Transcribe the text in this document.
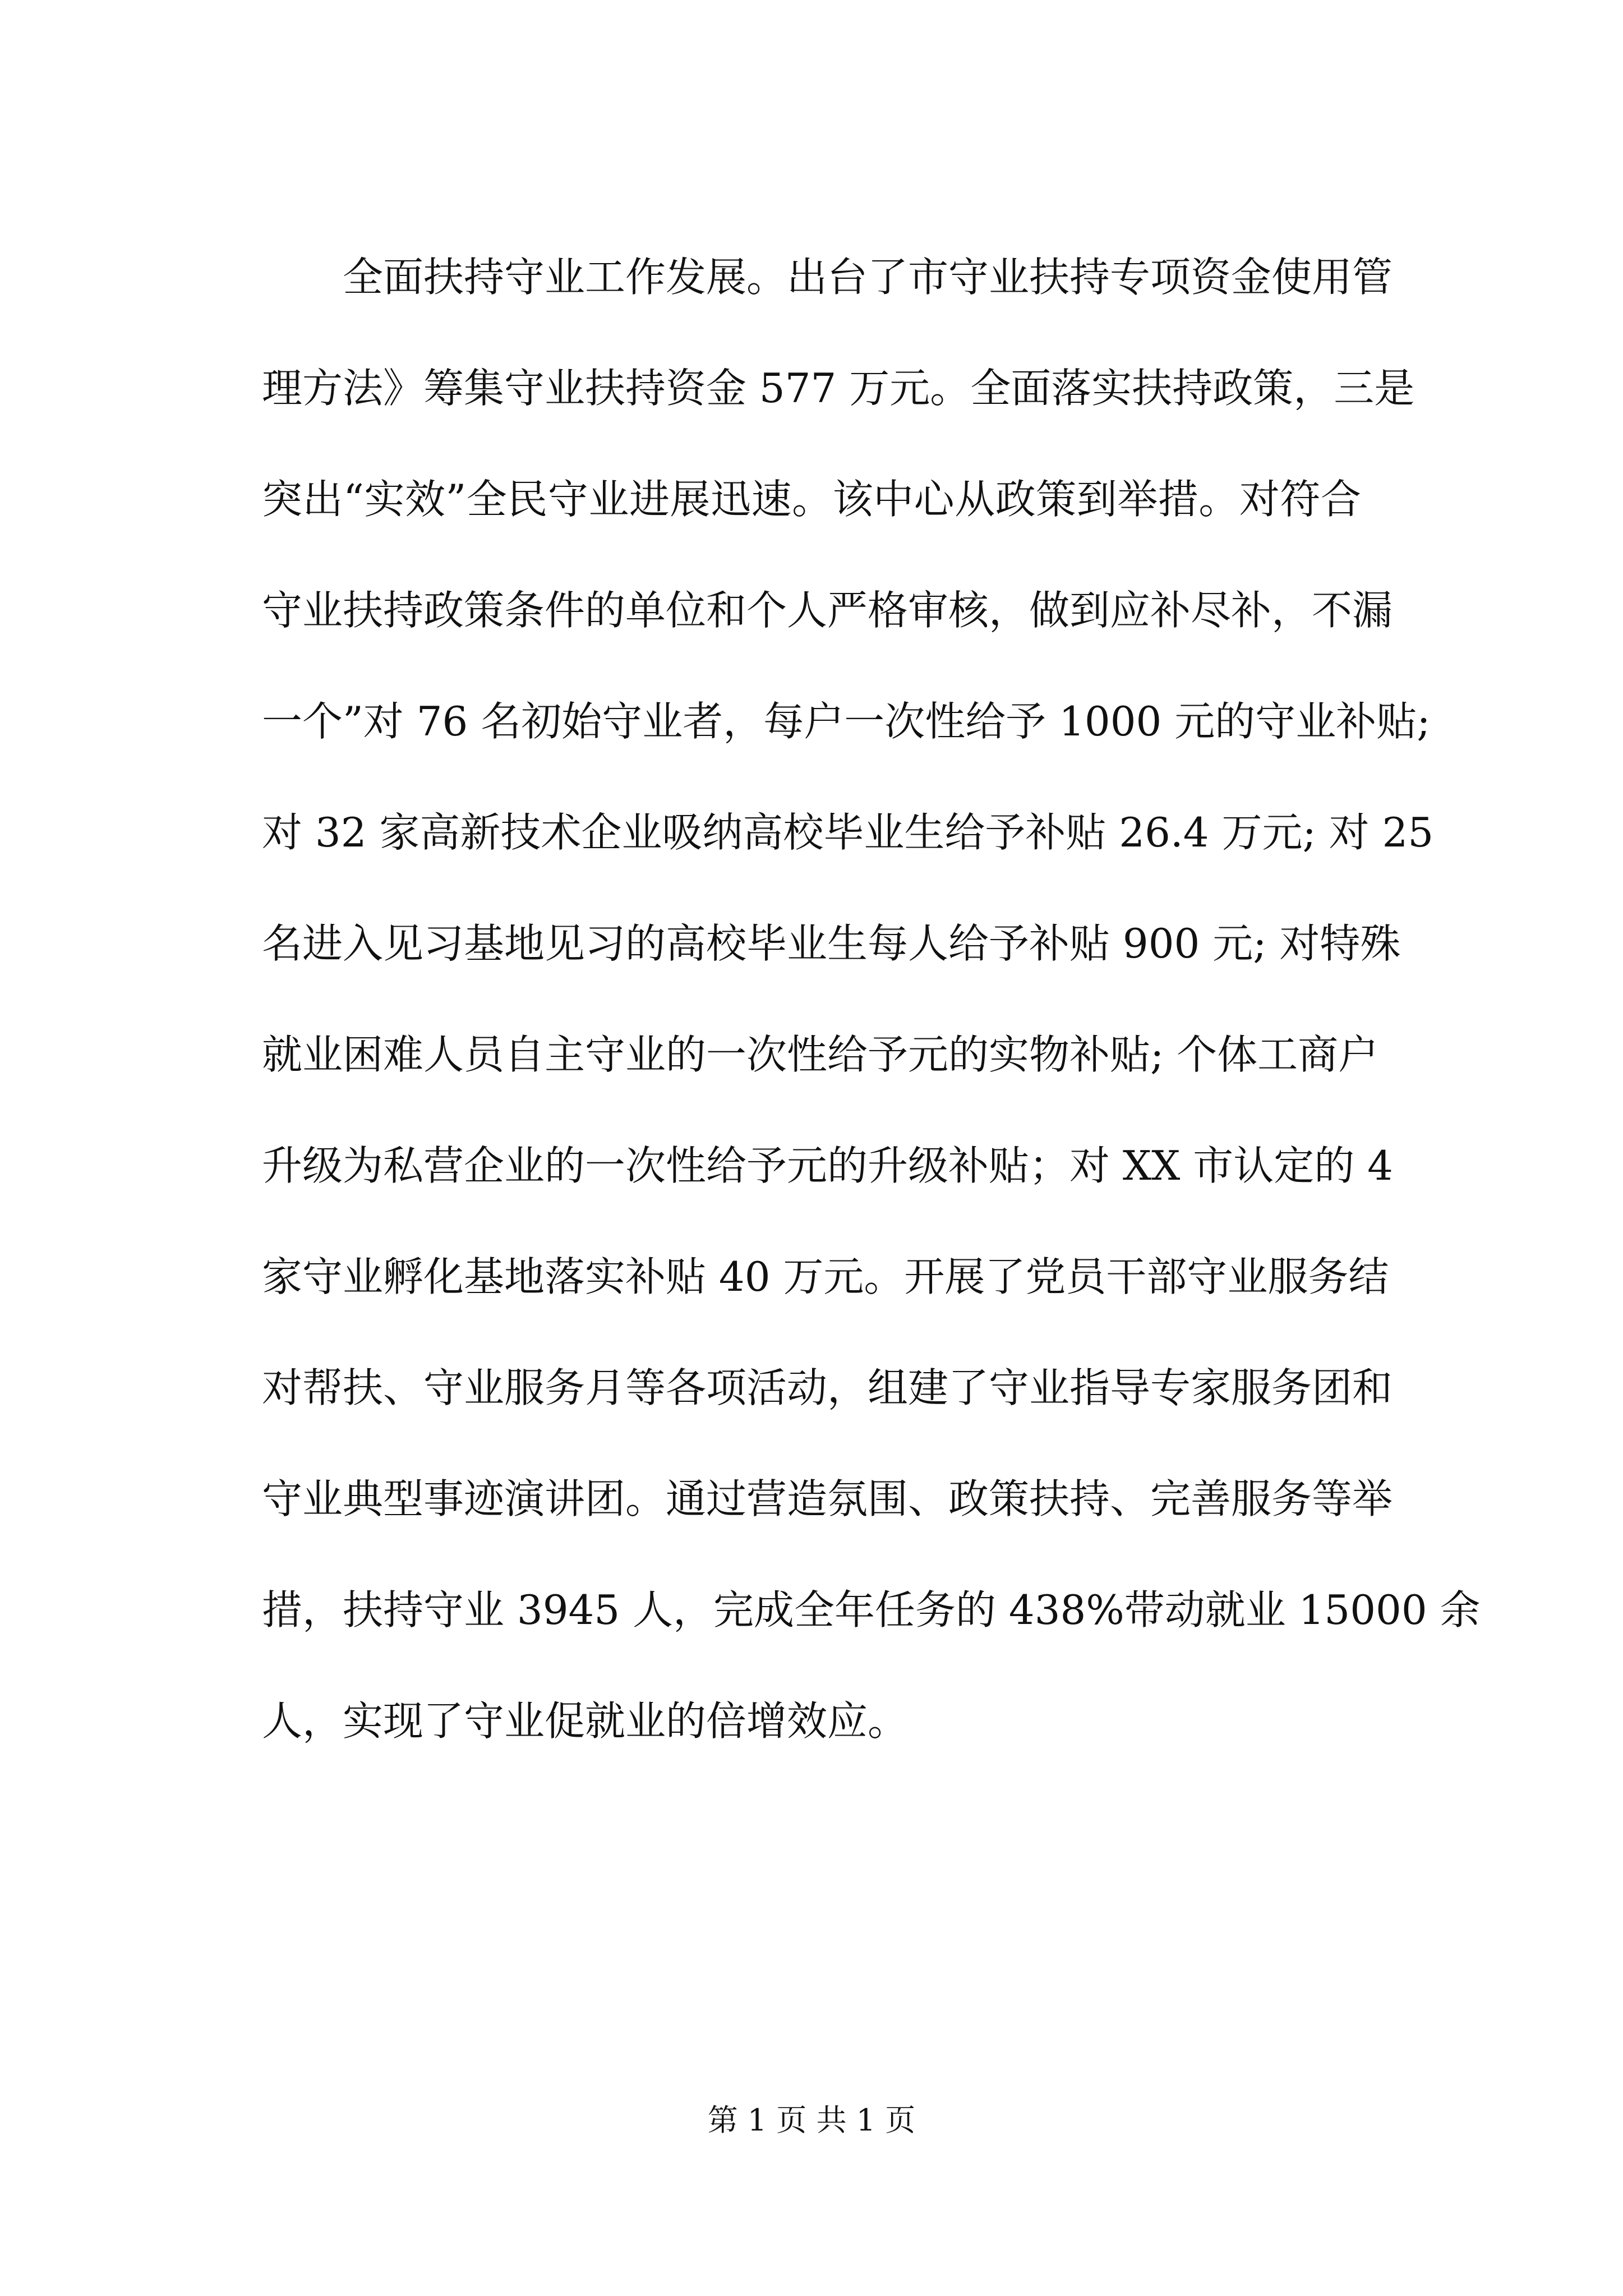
全面扶持守业工作发展。出台了市守业扶持专项资金使用管
理方法》筹集守业扶持资金 577 万元。全面落实扶持政策，三是
突出“实效”全民守业进展迅速。该中心从政策到举措。对符合
守业扶持政策条件的单位和个人严格审核，做到应补尽补，不漏
一个”对 76 名初始守业者，每户一次性给予 1000 元的守业补贴;
对 32 家高新技术企业吸纳高校毕业生给予补贴 26.4 万元; 对 25
名进入见习基地见习的高校毕业生每人给予补贴 900 元; 对特殊
就业困难人员自主守业的一次性给予元的实物补贴; 个体工商户
升级为私营企业的一次性给予元的升级补贴；对 XX 市认定的 4
家守业孵化基地落实补贴 40 万元。开展了党员干部守业服务结
对帮扶、守业服务月等各项活动，组建了守业指导专家服务团和
守业典型事迹演讲团。通过营造氛围、政策扶持、完善服务等举
措，扶持守业 3945 人，完成全年任务的 438%带动就业 15000 余
人，实现了守业促就业的倍增效应。
第 1 页 共 1 页
